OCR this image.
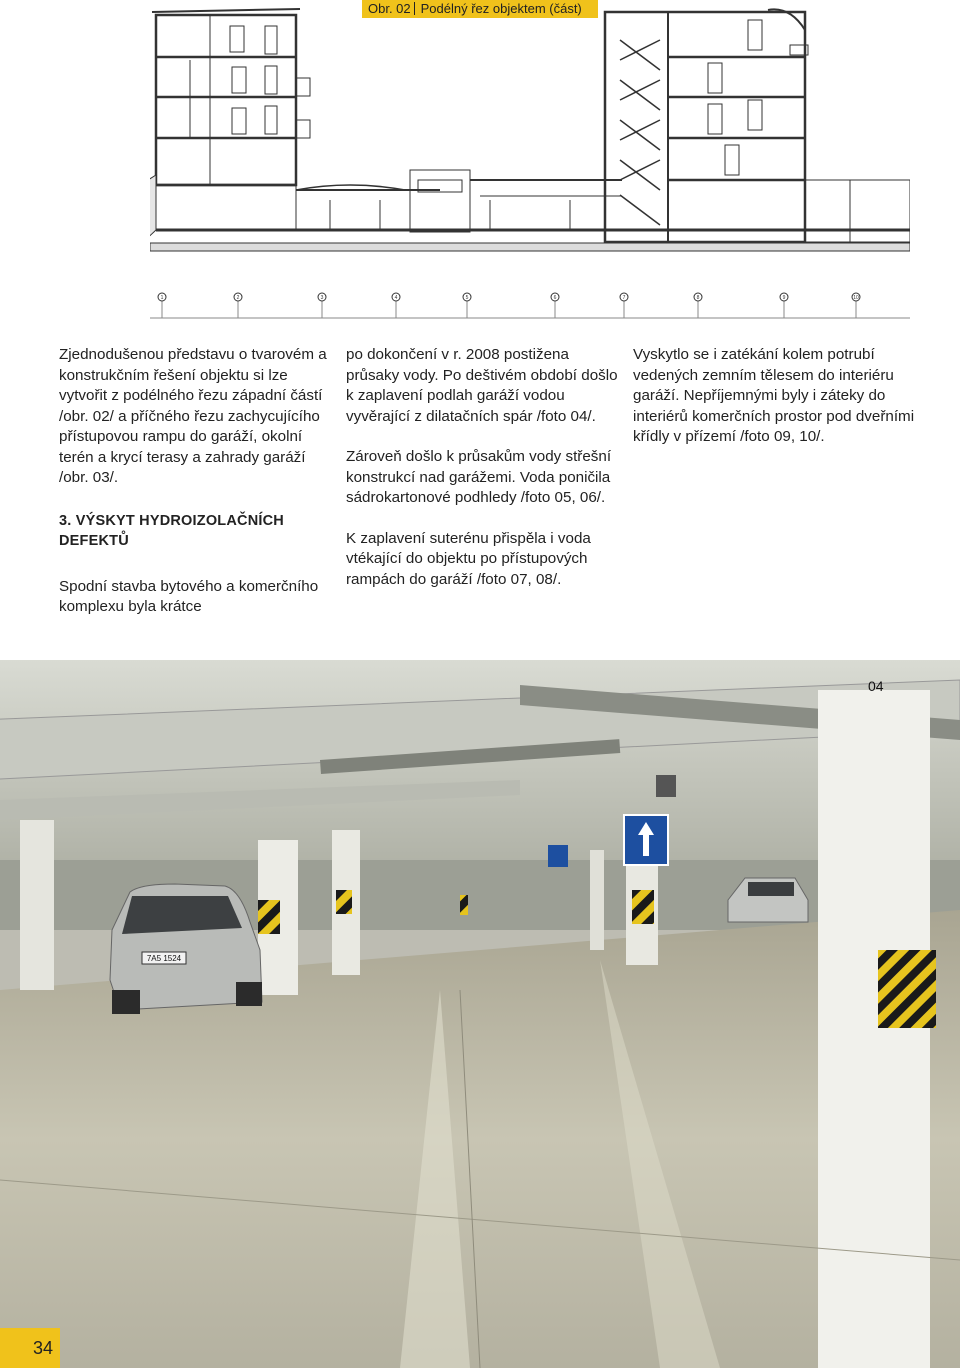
Obr. 02 Podélný řez objektem (část)
1	2	3	4	5	6	7	8	9	10

Zjednodušenou představu o tvarovém a konstrukčním řešení objektu si lze vytvořit z podélného řezu západní částí /obr. 02/ a příčného řezu zachycujícího přístupovou rampu do garáží, okolní terén a krycí terasy a zahrady garáží /obr. 03/.

3. VÝSKYT HYDROIZOLAČNÍCH DEFEKTŮ

Spodní stavba bytového a komerčního komplexu byla krátce

po dokončení v r. 2008 postižena průsaky vody. Po deštivém období došlo k zaplavení podlah garáží vodou vyvěrající z dilatačních spár /foto 04/.

Zároveň došlo k průsakům vody střešní konstrukcí nad garážemi. Voda poničila sádrokartonové podhledy /foto 05, 06/.

K zaplavení suterénu přispěla i voda vtékající do objektu po přístupových rampách do garáží /foto 07, 08/.

Vyskytlo se i zatékání kolem potrubí vedených zemním tělesem do interiéru garáží. Nepříjemnými byly i záteky do interiérů komerčních prostor pod dveřními křídly v přízemí /foto 09, 10/.

7A5 1524
04
34
